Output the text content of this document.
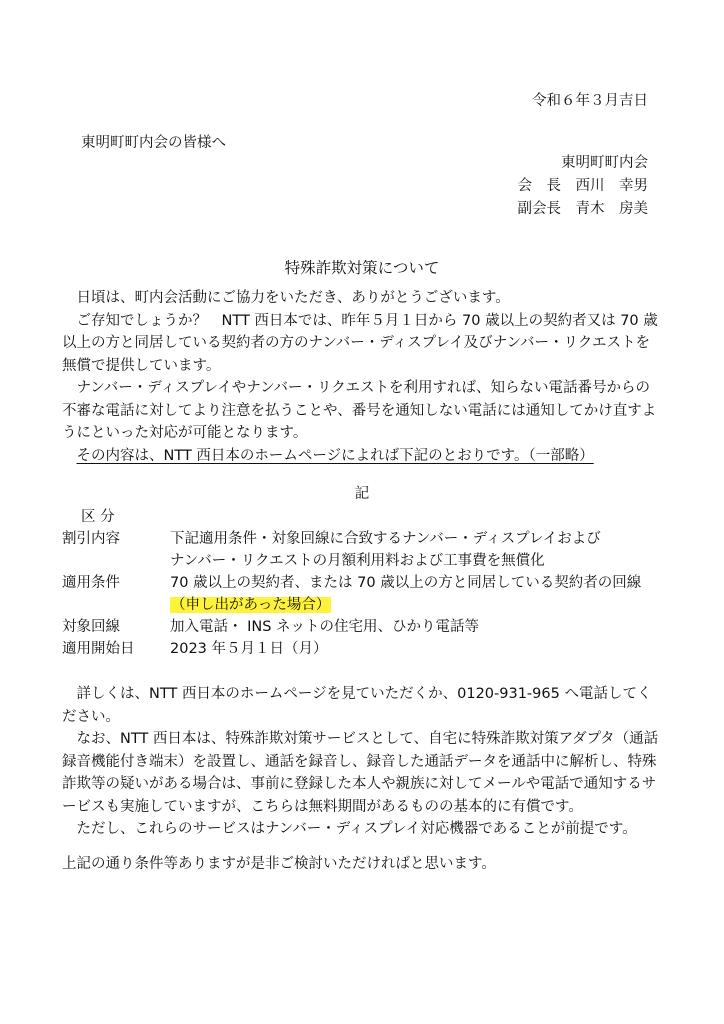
令和６年３月吉日
東明町町内会の皆様へ
東明町町内会
会　長　西川　幸男
副会長　青木　房美
特殊詐欺対策について

日頃は、町内会活動にご協力をいただき、ありがとうございます。

ご存知でしょうか？　NTT 西日本では、昨年５月１日から 70 歳以上の契約者又は 70 歳以上の方と同居している契約者の方のナンバー・ディスプレイ及びナンバー・リクエストを無償で提供しています。

ナンバー・ディスプレイやナンバー・リクエストを利用すれば、知らない電話番号からの不審な電話に対してより注意を払うことや、番号を通知しない電話には通知してかけ直すようにといった対応が可能となります。

その内容は、NTT 西日本のホームページによれば下記のとおりです。（一部略）

記
区 分
割引内容	下記適用条件・対象回線に合致するナンバー・ディスプレイおよび
ナンバー・リクエストの月額利用料および工事費を無償化
適用条件	70 歳以上の契約者、または 70 歳以上の方と同居している契約者の回線
（申し出があった場合）
対象回線	加入電話・ INS ネットの住宅用、ひかり電話等
適用開始日 2023 年５月１日（月）

詳しくは、NTT 西日本のホームページを見ていただくか、0120-931-965 へ電話してください。

なお、NTT 西日本は、特殊詐欺対策サービスとして、自宅に特殊詐欺対策アダプタ（通話録音機能付き端末）を設置し、通話を録音し、録音した通話データを通話中に解析し、特殊詐欺等の疑いがある場合は、事前に登録した本人や親族に対してメールや電話で通知するサービスも実施していますが、こちらは無料期間があるものの基本的に有償です。

ただし、これらのサービスはナンバー・ディスプレイ対応機器であることが前提です。

上記の通り条件等ありますが是非ご検討いただければと思います。
